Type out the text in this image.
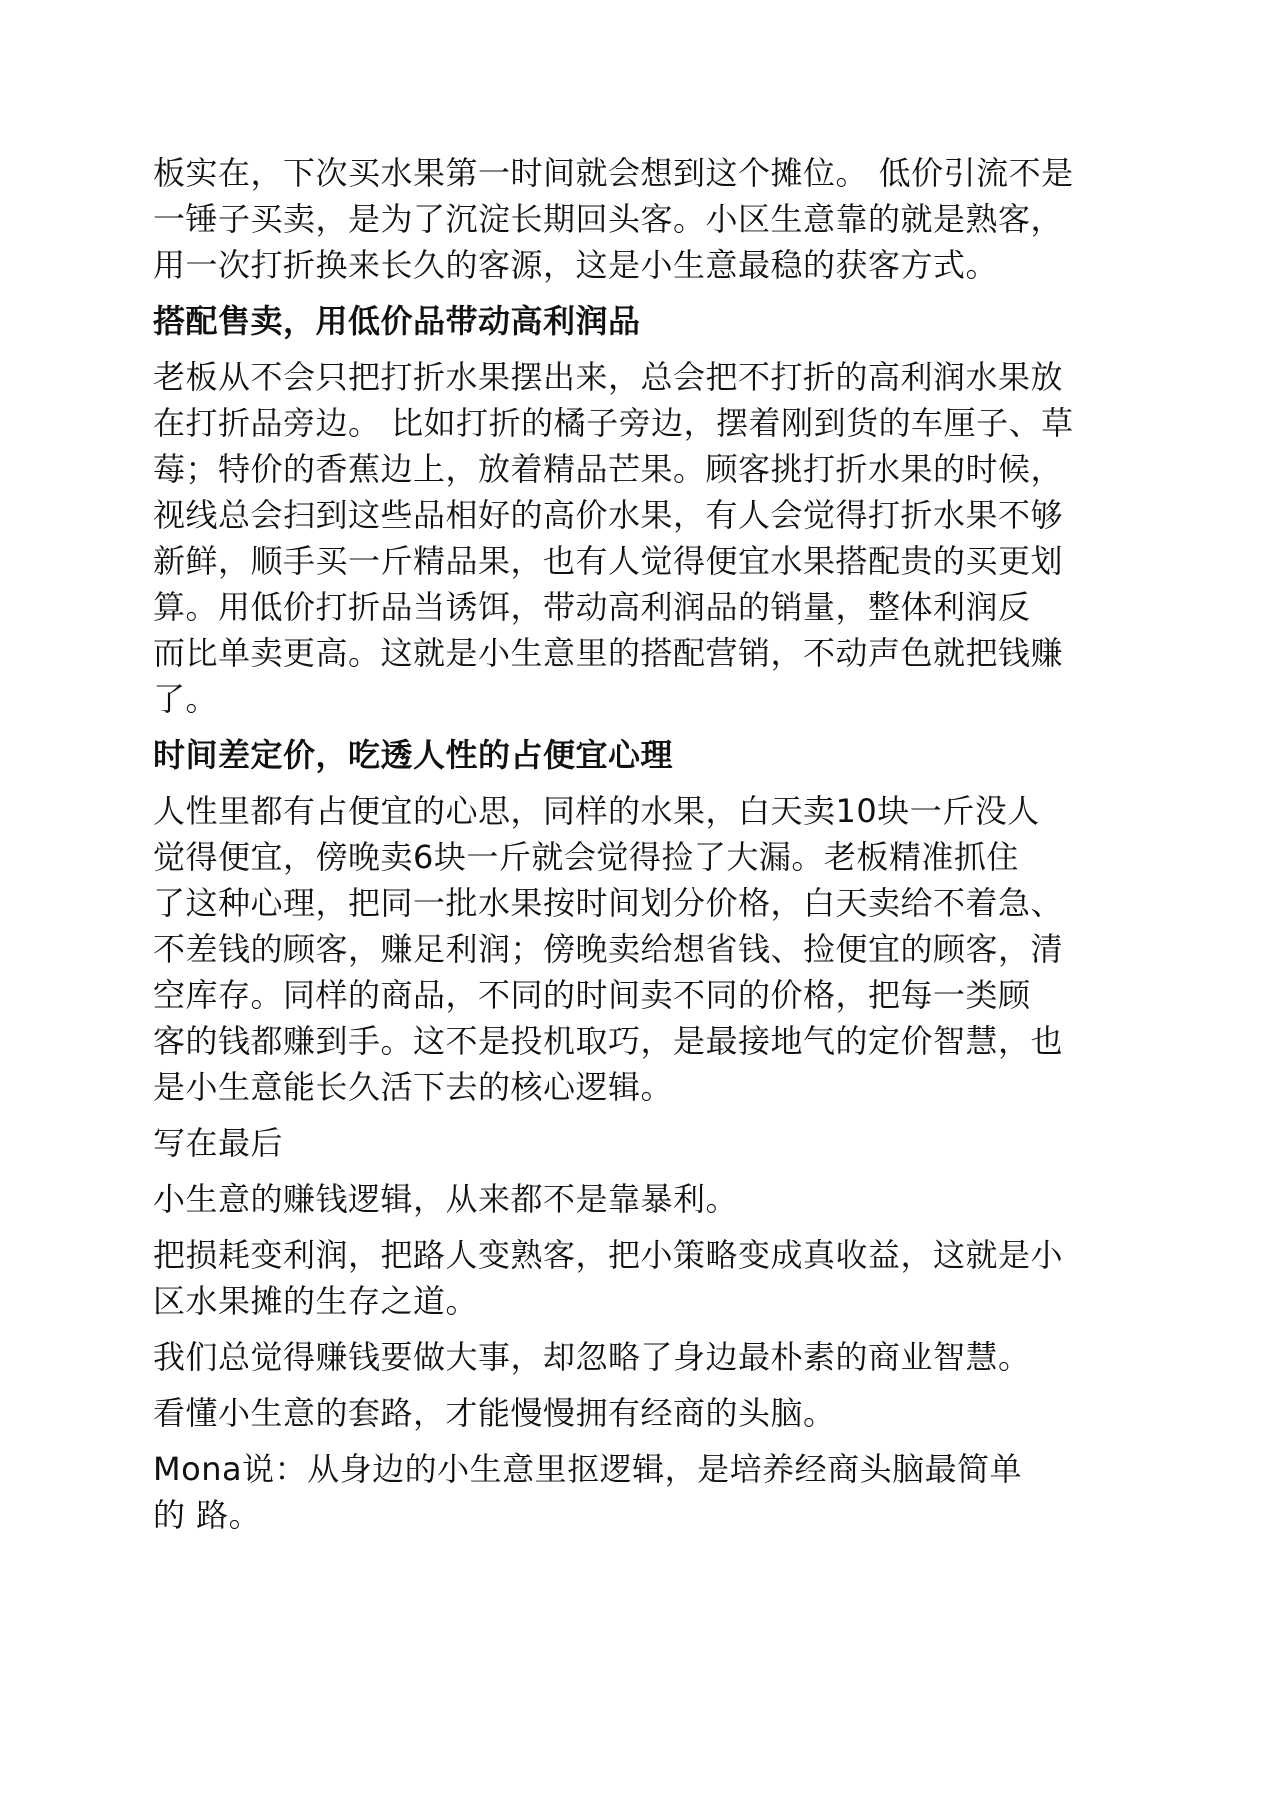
板实在，下次买水果第一时间就会想到这个摊位。 低价引流不是
一锤子买卖，是为了沉淀长期回头客。小区生意靠的就是熟客，
用一次打折换来长久的客源，这是小生意最稳的获客方式。
搭配售卖，用低价品带动高利润品
老板从不会只把打折水果摆出来，总会把不打折的高利润水果放
在打折品旁边。 比如打折的橘子旁边，摆着刚到货的车厘子、草
莓；特价的香蕉边上，放着精品芒果。顾客挑打折水果的时候，
视线总会扫到这些品相好的高价水果，有人会觉得打折水果不够
新鲜，顺手买一斤精品果，也有人觉得便宜水果搭配贵的买更划
算。用低价打折品当诱饵，带动高利润品的销量，整体利润反
而比单卖更高。这就是小生意里的搭配营销，不动声色就把钱赚
了。
时间差定价，吃透人性的占便宜心理
人性里都有占便宜的心思，同样的水果，白天卖10块一斤没人
觉得便宜，傍晚卖6块一斤就会觉得捡了大漏。老板精准抓住
了这种心理，把同一批水果按时间划分价格，白天卖给不着急、
不差钱的顾客，赚足利润；傍晚卖给想省钱、捡便宜的顾客，清
空库存。同样的商品，不同的时间卖不同的价格，把每一类顾
客的钱都赚到手。这不是投机取巧，是最接地气的定价智慧，也
是小生意能长久活下去的核心逻辑。
写在最后
小生意的赚钱逻辑，从来都不是靠暴利。
把损耗变利润，把路人变熟客，把小策略变成真收益，这就是小
区水果摊的生存之道。
我们总觉得赚钱要做大事，却忽略了身边最朴素的商业智慧。
看懂小生意的套路，才能慢慢拥有经商的头脑。
Mona说：从身边的小生意里抠逻辑，是培养经商头脑最简单
的 路。
